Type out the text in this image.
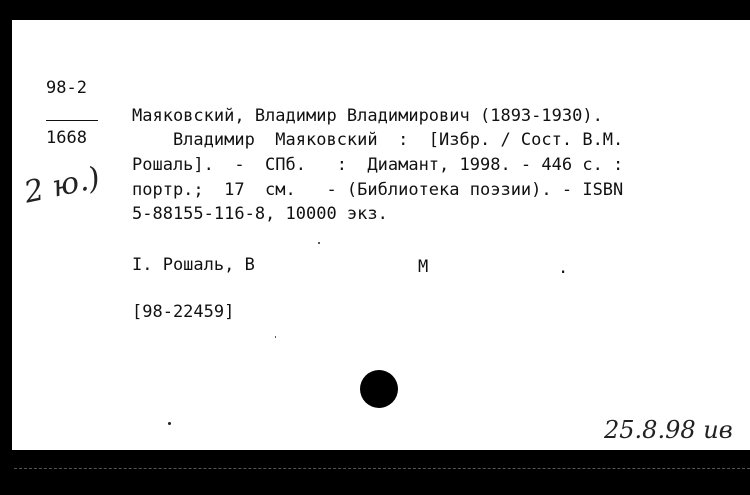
98-2
1668
2 ю.)
Маяковский, Владимир Владимирович (1893-1930).
Владимир  Маяковский  :  [Избр. / Сост. В.М.
Рошаль].  -  СПб.   :  Диамант, 1998. - 446 с. :
портр.;  17  см.   - (Библиотека поэзии). - ISBN
5-88155-116-8, 10000 экз.
I. Рошаль, В	М	.
[98-22459]
25.8.98 ив
